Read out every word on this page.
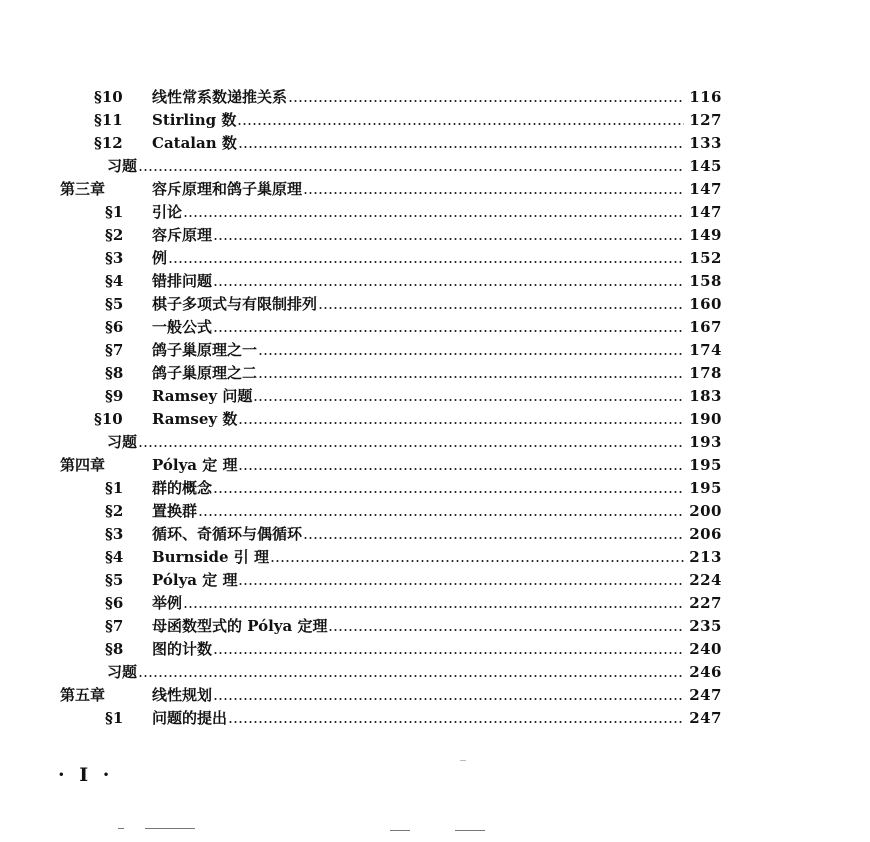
§10 线性常系数递推关系	116
§11 Stirling 数	127
§12 Catalan 数	133
习题	145
第三章	容斥原理和鸽子巢原理	147
§1 引论	147
§2 容斥原理	149
§3 例	152
§4 错排问题	158
§5 棋子多项式与有限制排列	160
§6 一般公式	167
§7 鸽子巢原理之一	174
§8 鸽子巢原理之二	178
§9 Ramsey 问题	183
§10 Ramsey 数	190
习题	193
第四章	Pólya 定 理	195
§1 群的概念	195
§2 置换群	200
§3 循环、奇循环与偶循环	206
§4 Burnside 引 理	213
§5 Pólya 定 理	224
§6 举例	227
§7 母函数型式的 Pólya 定理	235
§8 图的计数	240
习题	246
第五章	线性规划	247
§1 问题的提出	247
· I ·
